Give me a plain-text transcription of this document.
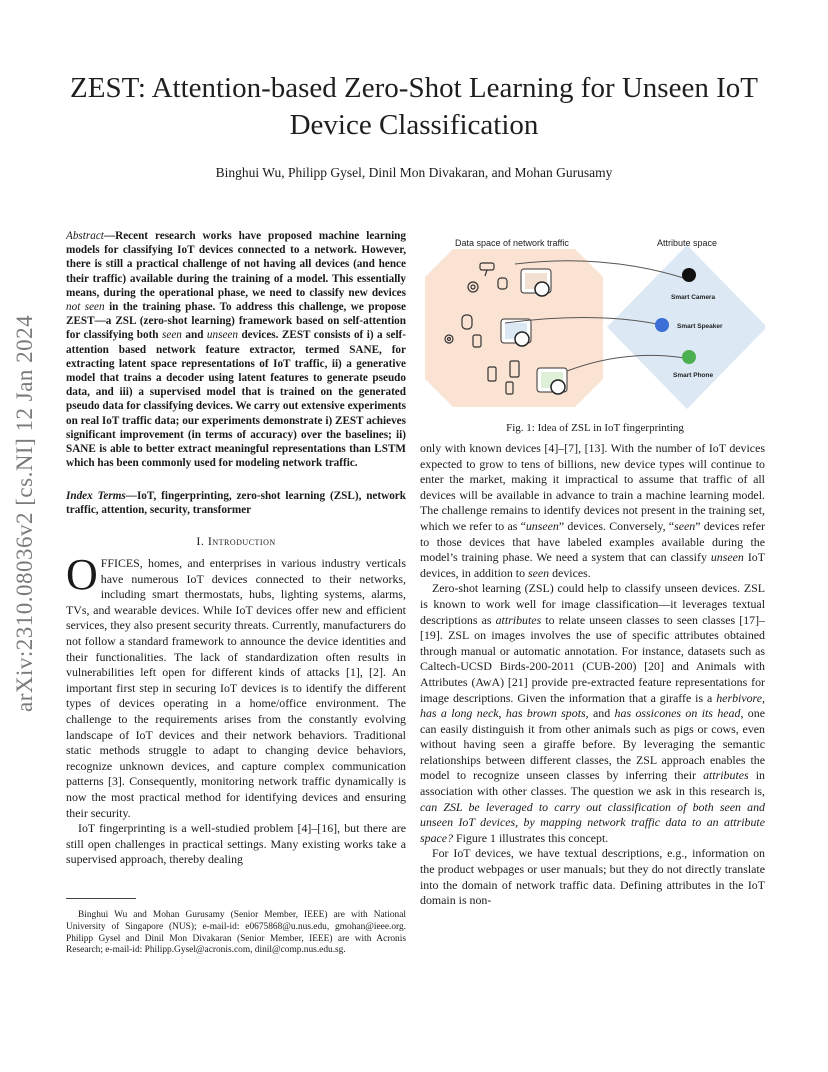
arXiv:2310.08036v2 [cs.NI] 12 Jan 2024
ZEST: Attention-based Zero-Shot Learning for Unseen IoT Device Classification
Binghui Wu, Philipp Gysel, Dinil Mon Divakaran, and Mohan Gurusamy
Abstract—Recent research works have proposed machine learning models for classifying IoT devices connected to a network. However, there is still a practical challenge of not having all devices (and hence their traffic) available during the training of a model. This essentially means, during the operational phase, we need to classify new devices not seen in the training phase. To address this challenge, we propose ZEST—a ZSL (zero-shot learning) framework based on self-attention for classifying both seen and unseen devices. ZEST consists of i) a self-attention based network feature extractor, termed SANE, for extracting latent space representations of IoT traffic, ii) a generative model that trains a decoder using latent features to generate pseudo data, and iii) a supervised model that is trained on the generated pseudo data for classifying devices. We carry out extensive experiments on real IoT traffic data; our experiments demonstrate i) ZEST achieves significant improvement (in terms of accuracy) over the baselines; ii) SANE is able to better extract meaningful representations than LSTM which has been commonly used for modeling network traffic.
Index Terms—IoT, fingerprinting, zero-shot learning (ZSL), network traffic, attention, security, transformer
I. Introduction

OFFICES, homes, and enterprises in various industry verticals have numerous IoT devices connected to their networks, including smart thermostats, hubs, lighting systems, alarms, TVs, and wearable devices. While IoT devices offer new and efficient services, they also present security threats. Currently, manufacturers do not follow a standard framework to announce the device identities and their functionalities. The lack of standardization often results in vulnerabilities left open for different kinds of attacks [1], [2]. An important first step in securing IoT devices is to identify the different types of devices operating in a home/office environment. The challenge to the requirements arises from the constantly evolving landscape of IoT devices and their network behaviors. Traditional static methods struggle to adapt to changing device behaviors, recognize unknown devices, and capture complex communication patterns [3]. Consequently, monitoring network traffic dynamically is now the most practical method for identifying devices and ensuring their security.

IoT fingerprinting is a well-studied problem [4]–[16], but there are still open challenges in practical settings. Many existing works take a supervised approach, thereby dealing

Binghui Wu and Mohan Gurusamy (Senior Member, IEEE) are with National University of Singapore (NUS); e-mail-id: e0675868@u.nus.edu, gmohan@ieee.org. Philipp Gysel and Dinil Mon Divakaran (Senior Member, IEEE) are with Acronis Research; e-mail-id: Philipp.Gysel@acronis.com, dinil@comp.nus.edu.sg.
Data space of network traffic	Attribute space
Smart Camera
Smart Speaker
Smart Phone
Fig. 1: Idea of ZSL in IoT fingerprinting

only with known devices [4]–[7], [13]. With the number of IoT devices expected to grow to tens of billions, new device types will continue to enter the market, making it impractical to assume that traffic of all devices will be available in advance to train a machine learning model. The challenge remains to identify devices not present in the training set, which we refer to as “unseen” devices. Conversely, “seen” devices refer to those devices that have labeled examples available during the model’s training phase. We need a system that can classify unseen IoT devices, in addition to seen devices.

Zero-shot learning (ZSL) could help to classify unseen devices. ZSL is known to work well for image classification—it leverages textual descriptions as attributes to relate unseen classes to seen classes [17]–[19]. ZSL on images involves the use of specific attributes obtained through manual or automatic annotation. For instance, datasets such as Caltech-UCSD Birds-200-2011 (CUB-200) [20] and Animals with Attributes (AwA) [21] provide pre-extracted feature representations for image descriptions. Given the information that a giraffe is a herbivore, has a long neck, has brown spots, and has ossicones on its head, one can easily distinguish it from other animals such as pigs or cows, even without having seen a giraffe before. By leveraging the semantic relationships between different classes, the ZSL approach enables the model to recognize unseen classes by inferring their attributes in association with other classes. The question we ask in this research is, can ZSL be leveraged to carry out classification of both seen and unseen IoT devices, by mapping network traffic data to an attribute space? Figure 1 illustrates this concept.

For IoT devices, we have textual descriptions, e.g., information on the product webpages or user manuals; but they do not directly translate into the domain of network traffic data. Defining attributes in the IoT domain is non-
